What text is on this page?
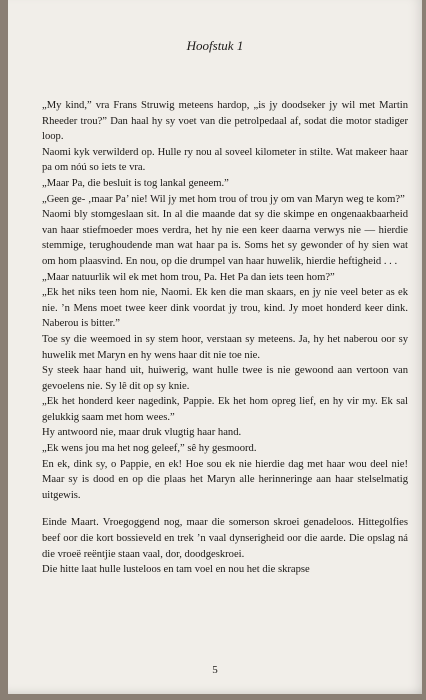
Hoofstuk 1

„My kind,” vra Frans Struwig meteens hardop, „is jy doodseker jy wil met Martin Rheeder trou?” Dan haal hy sy voet van die petrolpedaal af, sodat die motor stadiger loop.

Naomi kyk verwilderd op. Hulle ry nou al soveel kilometer in stilte. Wat makeer haar pa om nóú so iets te vra.

„Maar Pa, die besluit is tog lankal geneem.”

„Geen ge- ‚maar Pa’ nie! Wil jy met hom trou of trou jy om van Maryn weg te kom?”

Naomi bly stomgeslaan sit. In al die maande dat sy die skimpe en ongenaakbaarheid van haar stiefmoeder moes verdra, het hy nie een keer daarna verwys nie — hierdie stemmige, terughoudende man wat haar pa is. Soms het sy gewonder of hy sien wat om hom plaasvind. En nou, op die drumpel van haar huwelik, hierdie heftigheid . . .

„Maar natuurlik wil ek met hom trou, Pa. Het Pa dan iets teen hom?”

„Ek het niks teen hom nie, Naomi. Ek ken die man skaars, en jy nie veel beter as ek nie. ’n Mens moet twee keer dink voordat jy trou, kind. Jy moet honderd keer dink. Naberou is bitter.”

Toe sy die weemoed in sy stem hoor, verstaan sy meteens. Ja, hy het naberou oor sy huwelik met Maryn en hy wens haar dit nie toe nie.

Sy steek haar hand uit, huiwerig, want hulle twee is nie gewoond aan vertoon van gevoelens nie. Sy lê dit op sy knie.

„Ek het honderd keer nagedink, Pappie. Ek het hom opreg lief, en hy vir my. Ek sal gelukkig saam met hom wees.”

Hy antwoord nie, maar druk vlugtig haar hand.

„Ek wens jou ma het nog geleef,” sê hy gesmoord.

En ek, dink sy, o Pappie, en ek! Hoe sou ek nie hierdie dag met haar wou deel nie! Maar sy is dood en op die plaas het Maryn alle herinneringe aan haar stelselmatig uitgewis.

Einde Maart. Vroegoggend nog, maar die somerson skroei genadeloos. Hittegolfies beef oor die kort bossieveld en trek ’n vaal dynserigheid oor die aarde. Die opslag ná die vroeë reëntjie staan vaal, dor, doodgeskroei.

Die hitte laat hulle lusteloos en tam voel en nou het die skrapse

5
